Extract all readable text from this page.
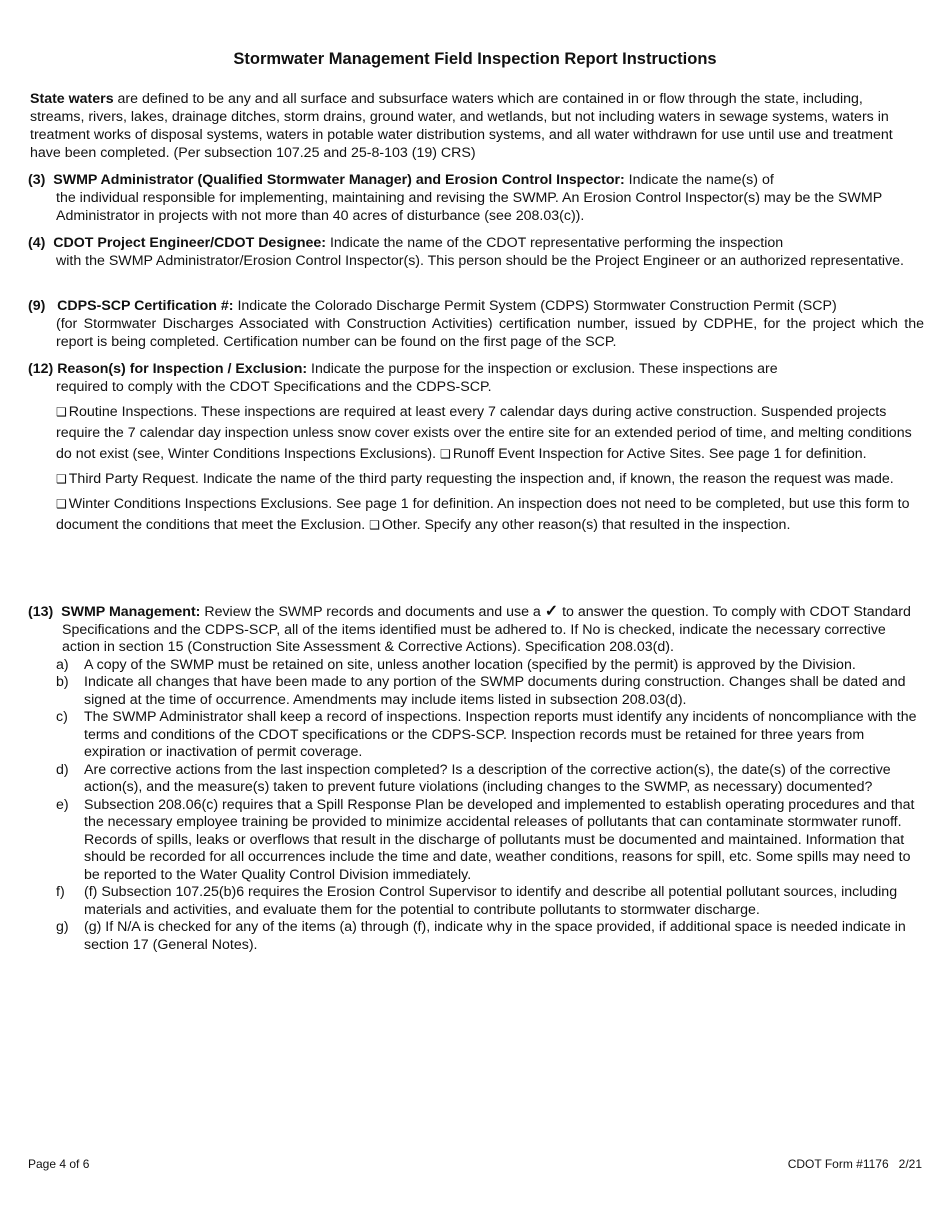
Stormwater Management Field Inspection Report Instructions
State waters are defined to be any and all surface and subsurface waters which are contained in or flow through the state, including, streams, rivers, lakes, drainage ditches, storm drains, ground water, and wetlands, but not including waters in sewage systems, waters in treatment works of disposal systems, waters in potable water distribution systems, and all water withdrawn for use until use and treatment have been completed. (Per subsection 107.25 and 25-8-103 (19) CRS)
(3) SWMP Administrator (Qualified Stormwater Manager) and Erosion Control Inspector: Indicate the name(s) of
the individual responsible for implementing, maintaining and revising the SWMP. An Erosion Control Inspector(s) may be the SWMP Administrator in projects with not more than 40 acres of disturbance (see 208.03(c)).
(4) CDOT Project Engineer/CDOT Designee: Indicate the name of the CDOT representative performing the inspection
with the SWMP Administrator/Erosion Control Inspector(s). This person should be the Project Engineer or an authorized representative.
(9) CDPS-SCP Certification #: Indicate the Colorado Discharge Permit System (CDPS) Stormwater Construction Permit (SCP)
(for Stormwater Discharges Associated with Construction Activities) certification number, issued by CDPHE, for the project which the report is being completed. Certification number can be found on the first page of the SCP.
(12) Reason(s) for Inspection / Exclusion: Indicate the purpose for the inspection or exclusion. These inspections are
required to comply with the CDOT Specifications and the CDPS-SCP.
❑ Routine Inspections. These inspections are required at least every 7 calendar days during active construction. Suspended projects require the 7 calendar day inspection unless snow cover exists over the entire site for an extended period of time, and melting conditions do not exist (see, Winter Conditions Inspections Exclusions). ❑ Runoff Event Inspection for Active Sites. See page 1 for definition.
❑ Third Party Request. Indicate the name of the third party requesting the inspection and, if known, the reason the request was made.
❑ Winter Conditions Inspections Exclusions. See page 1 for definition. An inspection does not need to be completed, but use this form to document the conditions that meet the Exclusion. ❑ Other. Specify any other reason(s) that resulted in the inspection.
(13) SWMP Management: Review the SWMP records and documents and use a ✓ to answer the question. To comply with CDOT Standard Specifications and the CDPS-SCP, all of the items identified must be adhered to. If No is checked, indicate the necessary corrective action in section 15 (Construction Site Assessment & Corrective Actions). Specification 208.03(d).
a) A copy of the SWMP must be retained on site, unless another location (specified by the permit) is approved by the Division.
b) Indicate all changes that have been made to any portion of the SWMP documents during construction. Changes shall be dated and signed at the time of occurrence. Amendments may include items listed in subsection 208.03(d).
c) The SWMP Administrator shall keep a record of inspections. Inspection reports must identify any incidents of noncompliance with the terms and conditions of the CDOT specifications or the CDPS-SCP. Inspection records must be retained for three years from expiration or inactivation of permit coverage.
d) Are corrective actions from the last inspection completed? Is a description of the corrective action(s), the date(s) of the corrective action(s), and the measure(s) taken to prevent future violations (including changes to the SWMP, as necessary) documented?
e) Subsection 208.06(c) requires that a Spill Response Plan be developed and implemented to establish operating procedures and that the necessary employee training be provided to minimize accidental releases of pollutants that can contaminate stormwater runoff. Records of spills, leaks or overflows that result in the discharge of pollutants must be documented and maintained. Information that should be recorded for all occurrences include the time and date, weather conditions, reasons for spill, etc. Some spills may need to be reported to the Water Quality Control Division immediately.
f) (f) Subsection 107.25(b)6 requires the Erosion Control Supervisor to identify and describe all potential pollutant sources, including materials and activities, and evaluate them for the potential to contribute pollutants to stormwater discharge.
g) (g) If N/A is checked for any of the items (a) through (f), indicate why in the space provided, if additional space is needed indicate in section 17 (General Notes).
Page 4 of 6	CDOT Form #1176   2/21
